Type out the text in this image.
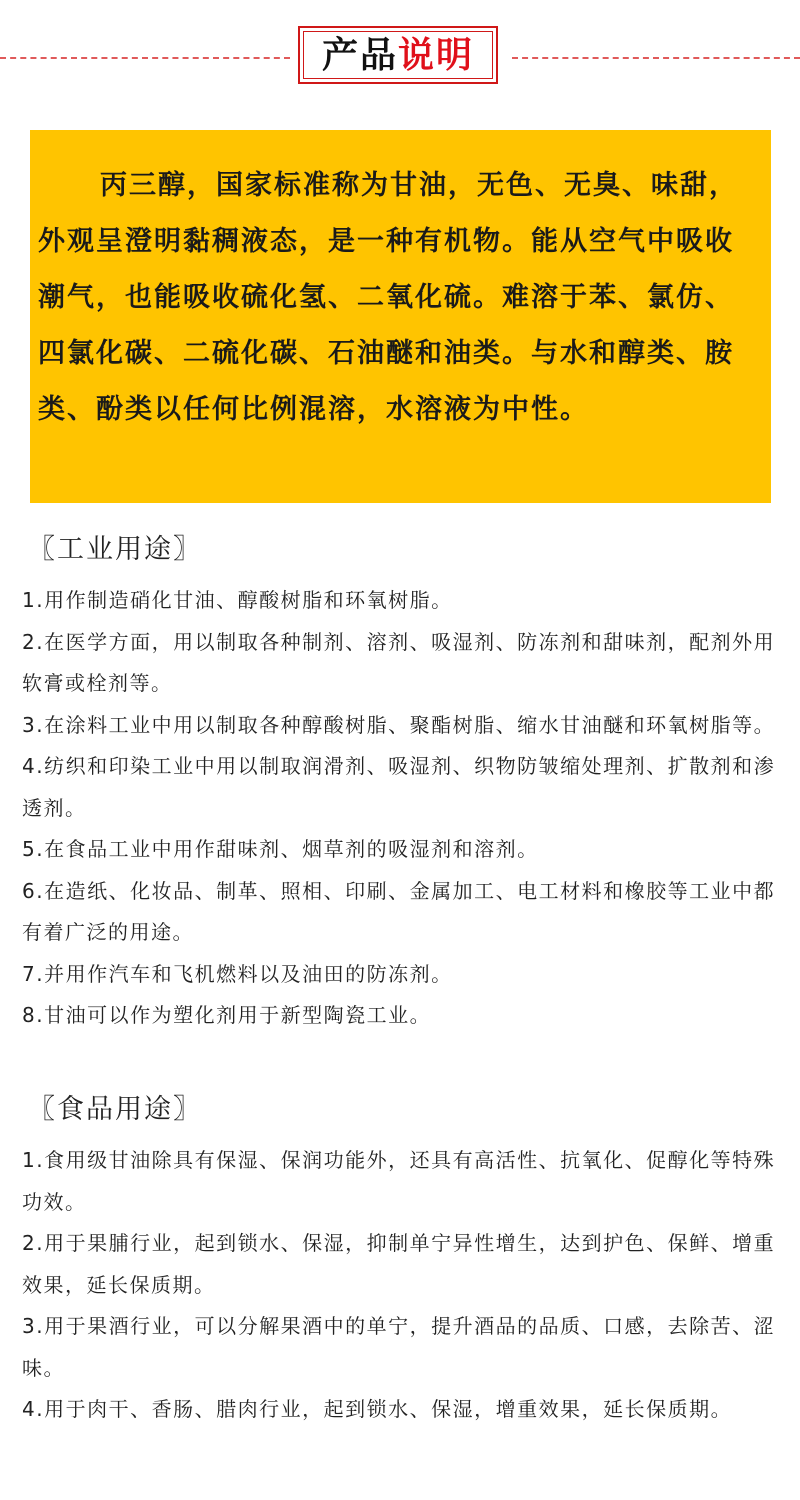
产品说明

丙三醇，国家标准称为甘油，无色、无臭、味甜，外观呈澄明黏稠液态，是一种有机物。能从空气中吸收潮气，也能吸收硫化氢、二氧化硫。难溶于苯、氯仿、四氯化碳、二硫化碳、石油醚和油类。与水和醇类、胺类、酚类以任何比例混溶，水溶液为中性。

〖工业用途〗

1.用作制造硝化甘油、醇酸树脂和环氧树脂。

2.在医学方面，用以制取各种制剂、溶剂、吸湿剂、防冻剂和甜味剂，配剂外用软膏或栓剂等。

3.在涂料工业中用以制取各种醇酸树脂、聚酯树脂、缩水甘油醚和环氧树脂等。

4.纺织和印染工业中用以制取润滑剂、吸湿剂、织物防皱缩处理剂、扩散剂和渗透剂。

5.在食品工业中用作甜味剂、烟草剂的吸湿剂和溶剂。

6.在造纸、化妆品、制革、照相、印刷、金属加工、电工材料和橡胶等工业中都有着广泛的用途。

7.并用作汽车和飞机燃料以及油田的防冻剂。

8.甘油可以作为塑化剂用于新型陶瓷工业。

〖食品用途〗

1.食用级甘油除具有保湿、保润功能外，还具有高活性、抗氧化、促醇化等特殊功效。

2.用于果脯行业，起到锁水、保湿，抑制单宁异性增生，达到护色、保鲜、增重效果，延长保质期。

3.用于果酒行业，可以分解果酒中的单宁，提升酒品的品质、口感，去除苦、涩味。

4.用于肉干、香肠、腊肉行业，起到锁水、保湿，增重效果，延长保质期。
